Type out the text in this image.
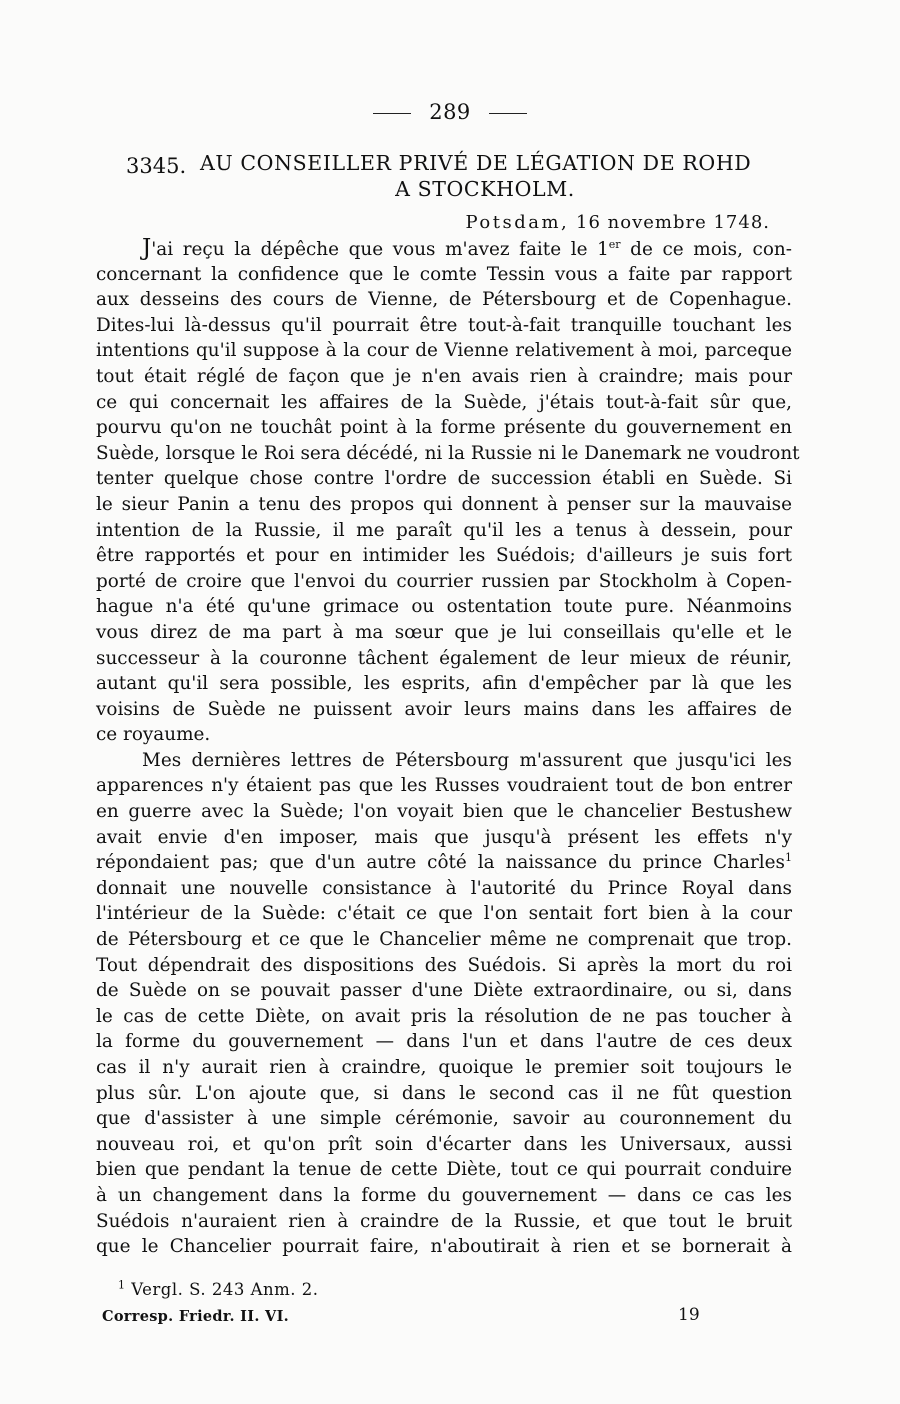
289
3345. AU CONSEILLER PRIVÉ DE LÉGATION DE ROHD
A STOCKHOLM.
Potsdam, 16 novembre 1748.
J'ai reçu la dépêche que vous m'avez faite le 1er de ce mois, con-
concernant la confidence que le comte Tessin vous a faite par rapport
aux desseins des cours de Vienne, de Pétersbourg et de Copenhague.
Dites-lui là-dessus qu'il pourrait être tout-à-fait tranquille touchant les
intentions qu'il suppose à la cour de Vienne relativement à moi, parceque
tout était réglé de façon que je n'en avais rien à craindre; mais pour
ce qui concernait les affaires de la Suède, j'étais tout-à-fait sûr que,
pourvu qu'on ne touchât point à la forme présente du gouvernement en
Suède, lorsque le Roi sera décédé, ni la Russie ni le Danemark ne voudront
tenter quelque chose contre l'ordre de succession établi en Suède. Si
le sieur Panin a tenu des propos qui donnent à penser sur la mauvaise
intention de la Russie, il me paraît qu'il les a tenus à dessein, pour
être rapportés et pour en intimider les Suédois; d'ailleurs je suis fort
porté de croire que l'envoi du courrier russien par Stockholm à Copen-
hague n'a été qu'une grimace ou ostentation toute pure. Néanmoins
vous direz de ma part à ma sœur que je lui conseillais qu'elle et le
successeur à la couronne tâchent également de leur mieux de réunir,
autant qu'il sera possible, les esprits, afin d'empêcher par là que les
voisins de Suède ne puissent avoir leurs mains dans les affaires de
ce royaume.
Mes dernières lettres de Pétersbourg m'assurent que jusqu'ici les
apparences n'y étaient pas que les Russes voudraient tout de bon entrer
en guerre avec la Suède; l'on voyait bien que le chancelier Bestushew
avait envie d'en imposer, mais que jusqu'à présent les effets n'y
répondaient pas; que d'un autre côté la naissance du prince Charles$^1$
donnait une nouvelle consistance à l'autorité du Prince Royal dans
l'intérieur de la Suède: c'était ce que l'on sentait fort bien à la cour
de Pétersbourg et ce que le Chancelier même ne comprenait que trop.
Tout dépendrait des dispositions des Suédois. Si après la mort du roi
de Suède on se pouvait passer d'une Diète extraordinaire, ou si, dans
le cas de cette Diète, on avait pris la résolution de ne pas toucher à
la forme du gouvernement — dans l'un et dans l'autre de ces deux
cas il n'y aurait rien à craindre, quoique le premier soit toujours le
plus sûr. L'on ajoute que, si dans le second cas il ne fût question
que d'assister à une simple cérémonie, savoir au couronnement du
nouveau roi, et qu'on prît soin d'écarter dans les Universaux, aussi
bien que pendant la tenue de cette Diète, tout ce qui pourrait conduire
à un changement dans la forme du gouvernement — dans ce cas les
Suédois n'auraient rien à craindre de la Russie, et que tout le bruit
que le Chancelier pourrait faire, n'aboutirait à rien et se bornerait à
$^1$ Vergl. S. 243 Anm. 2.
Corresp. Friedr. II. VI.	19
